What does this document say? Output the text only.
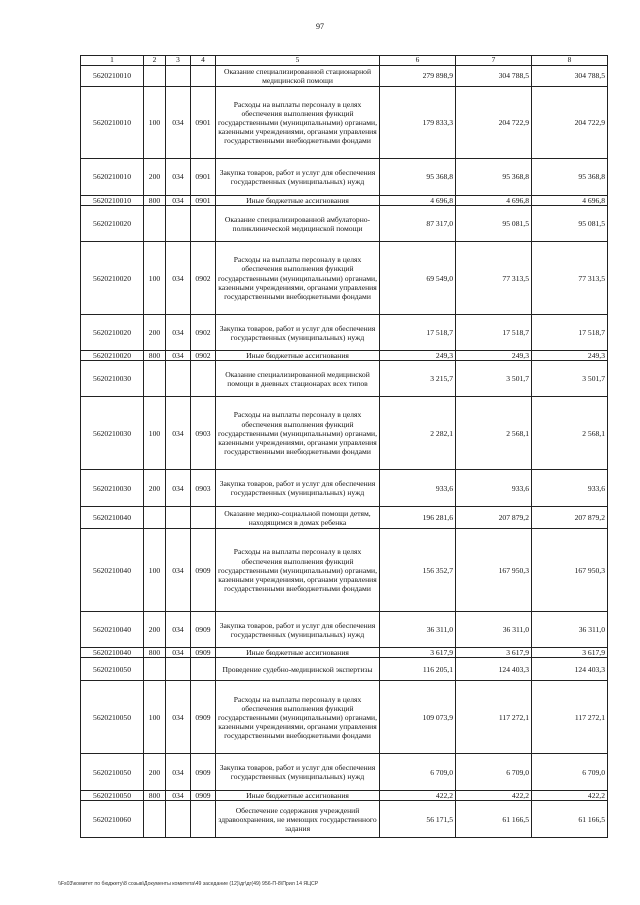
97
1	2	3	4	5	6	7	8
5620210010				Оказание специализированной стационарной медицинской помощи	279 898,9	304 788,5	304 788,5
5620210010	100	034	0901	Расходы на выплаты персоналу в целях обеспечения выполнения функций государственными (муниципальными) органами, казенными учреждениями, органами управления государственными внебюджетными фондами	179 833,3	204 722,9	204 722,9
5620210010	200	034	0901	Закупка товаров, работ и услуг для обеспечения государственных (муниципальных) нужд	95 368,8	95 368,8	95 368,8
5620210010	800	034	0901	Иные бюджетные ассигнования	4 696,8	4 696,8	4 696,8
5620210020				Оказание специализированной амбулаторно-поликлинической медицинской помощи	87 317,0	95 081,5	95 081,5
5620210020	100	034	0902	Расходы на выплаты персоналу в целях обеспечения выполнения функций государственными (муниципальными) органами, казенными учреждениями, органами управления государственными внебюджетными фондами	69 549,0	77 313,5	77 313,5
5620210020	200	034	0902	Закупка товаров, работ и услуг для обеспечения государственных (муниципальных) нужд	17 518,7	17 518,7	17 518,7
5620210020	800	034	0902	Иные бюджетные ассигнования	249,3	249,3	249,3
5620210030				Оказание специализированной медицинской помощи в дневных стационарах всех типов	3 215,7	3 501,7	3 501,7
5620210030	100	034	0903	Расходы на выплаты персоналу в целях обеспечения выполнения функций государственными (муниципальными) органами, казенными учреждениями, органами управления государственными внебюджетными фондами	2 282,1	2 568,1	2 568,1
5620210030	200	034	0903	Закупка товаров, работ и услуг для обеспечения государственных (муниципальных) нужд	933,6	933,6	933,6
5620210040				Оказание медико-социальной помощи детям, находящимся в домах ребенка	196 281,6	207 879,2	207 879,2
5620210040	100	034	0909	Расходы на выплаты персоналу в целях обеспечения выполнения функций государственными (муниципальными) органами, казенными учреждениями, органами управления государственными внебюджетными фондами	156 352,7	167 950,3	167 950,3
5620210040	200	034	0909	Закупка товаров, работ и услуг для обеспечения государственных (муниципальных) нужд	36 311,0	36 311,0	36 311,0
5620210040	800	034	0909	Иные бюджетные ассигнования	3 617,9	3 617,9	3 617,9
5620210050				Проведение судебно-медицинской экспертизы	116 205,1	124 403,3	124 403,3
5620210050	100	034	0909	Расходы на выплаты персоналу в целях обеспечения выполнения функций государственными (муниципальными) органами, казенными учреждениями, органами управления государственными внебюджетными фондами	109 073,9	117 272,1	117 272,1
5620210050	200	034	0909	Закупка товаров, работ и услуг для обеспечения государственных (муниципальных) нужд	6 709,0	6 709,0	6 709,0
5620210050	800	034	0909	Иные бюджетные ассигнования	422,2	422,2	422,2
5620210060				Обеспечение содержания учреждений здравоохранения, не имеющих государственного задания	56 171,5	61 166,5	61 166,5
\\Fs03\комитет по бюджету\8 созыв\Документы комитета\49 заседание (12)\дг\дг(49) 956-П-8\Прил 14 ЯЦСР
